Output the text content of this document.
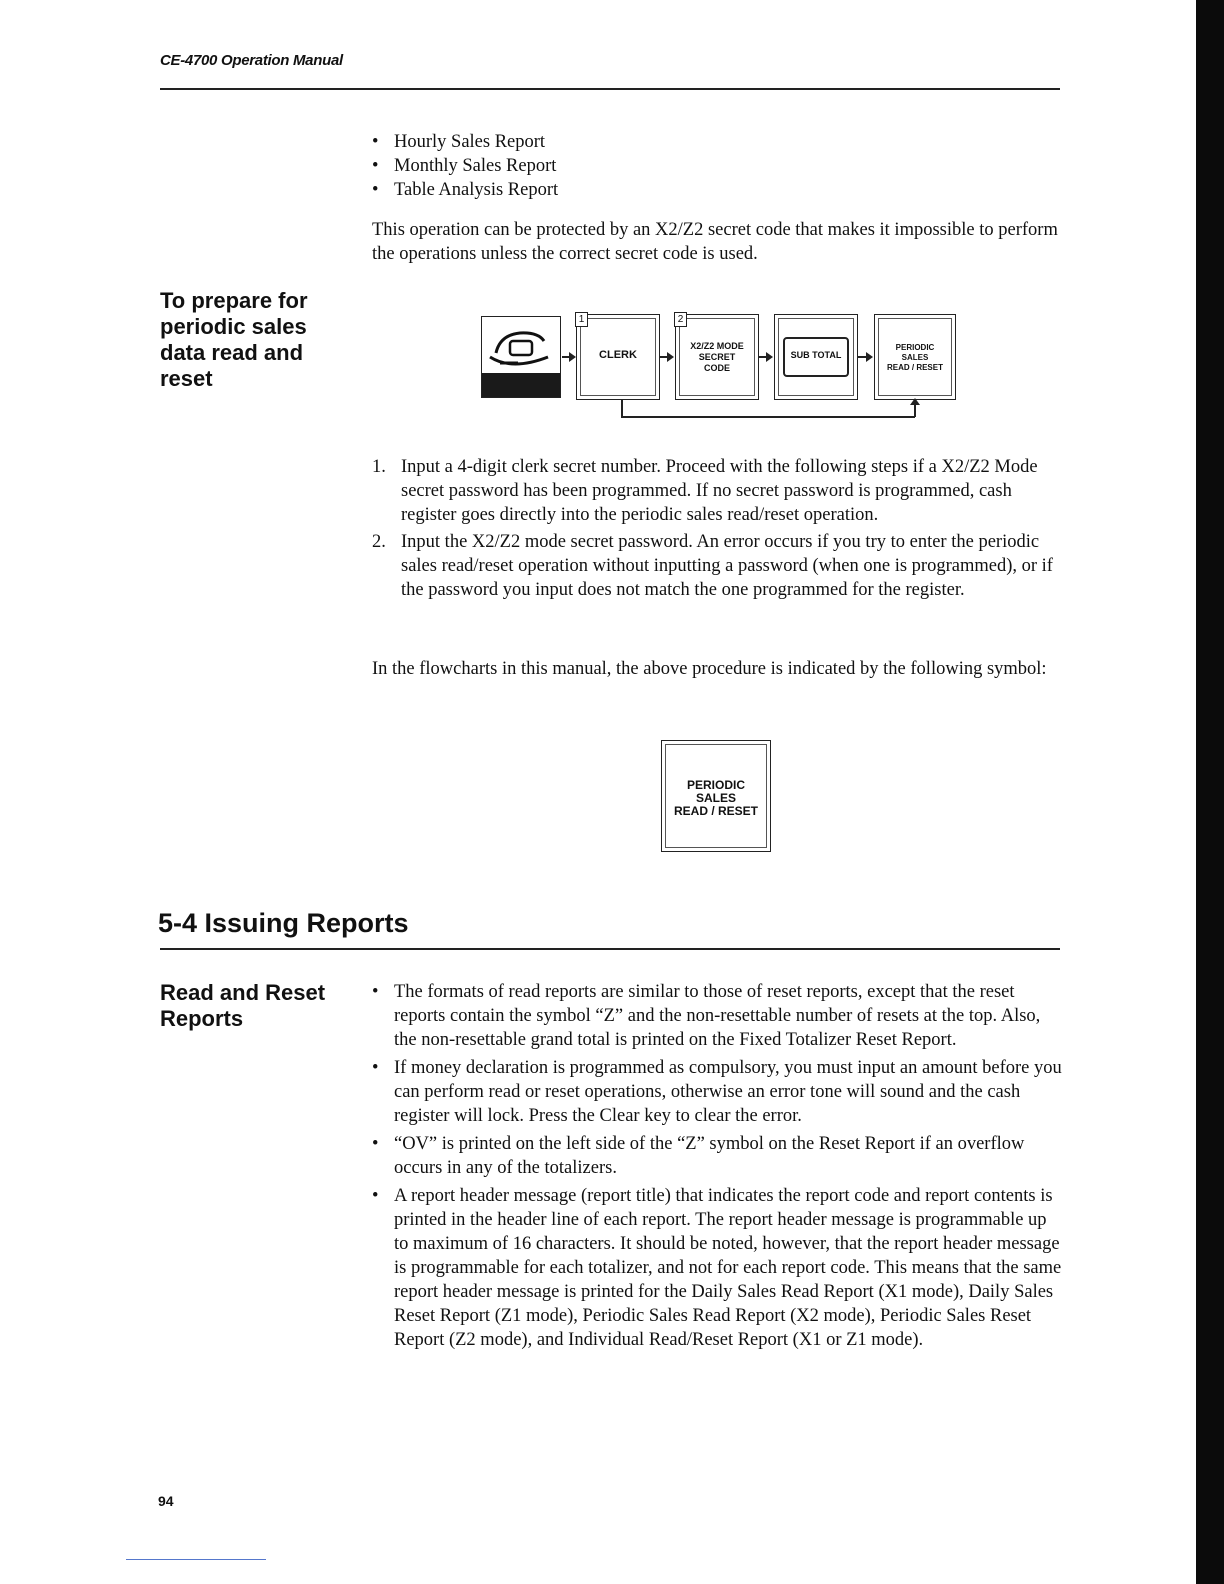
CE-4700 Operation Manual
• Hourly Sales Report
• Monthly Sales Report
• Table Analysis Report

This operation can be protected by an X2/Z2 secret code that makes it impossible to perform the operations unless the correct secret code is used.

To prepare for periodic sales data read and reset
CLERK
1
X2/Z2 MODE
SECRET
CODE
2
SUB TOTAL
PERIODIC
SALES
READ / RESET
1. Input a 4-digit clerk secret number. Proceed with the following steps if a X2/Z2 Mode secret password has been programmed. If no secret password is programmed, cash register goes directly into the periodic sales read/reset operation.
2. Input the X2/Z2 mode secret password. An error occurs if you try to enter the periodic sales read/reset operation without inputting a password (when one is programmed), or if the password you input does not match the one programmed for the register.

In the flowcharts in this manual, the above procedure is indicated by the following symbol:

PERIODIC
SALES
READ / RESET
5-4 Issuing Reports
Read and Reset Reports
• The formats of read reports are similar to those of reset reports, except that the reset reports contain the symbol “Z” and the non-resettable number of resets at the top. Also, the non-resettable grand total is printed on the Fixed Totalizer Reset Report.
• If money declaration is programmed as compulsory, you must input an amount before you can perform read or reset operations, otherwise an error tone will sound and the cash register will lock. Press the Clear key to clear the error.
• “OV” is printed on the left side of the “Z” symbol on the Reset Report if an overflow occurs in any of the totalizers.
• A report header message (report title) that indicates the report code and report contents is printed in the header line of each report. The report header message is programmable up to maximum of 16 characters. It should be noted, however, that the report header message is programmable for each totalizer, and not for each report code. This means that the same report header message is printed for the Daily Sales Read Report (X1 mode), Daily Sales Reset Report (Z1 mode), Periodic Sales Read Report (X2 mode), Periodic Sales Reset Report (Z2 mode), and Individual Read/Reset Report (X1 or Z1 mode).
94
